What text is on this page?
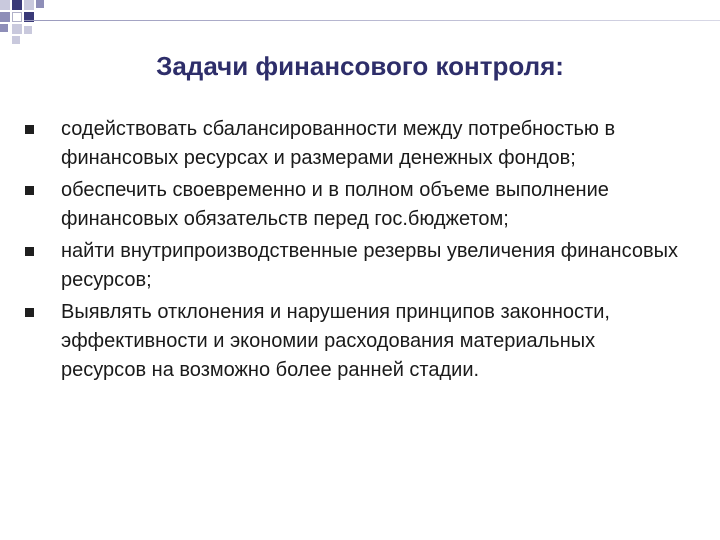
Задачи финансового контроля:
содействовать сбалансированности между потребностью в финансовых ресурсах и размерами денежных фондов;
обеспечить своевременно и в полном объеме выполнение финансовых обязательств перед гос.бюджетом;
найти внутрипроизводственные резервы увеличения финансовых ресурсов;
Выявлять отклонения и нарушения принципов законности, эффективности и экономии расходования материальных ресурсов на возможно более ранней стадии.
